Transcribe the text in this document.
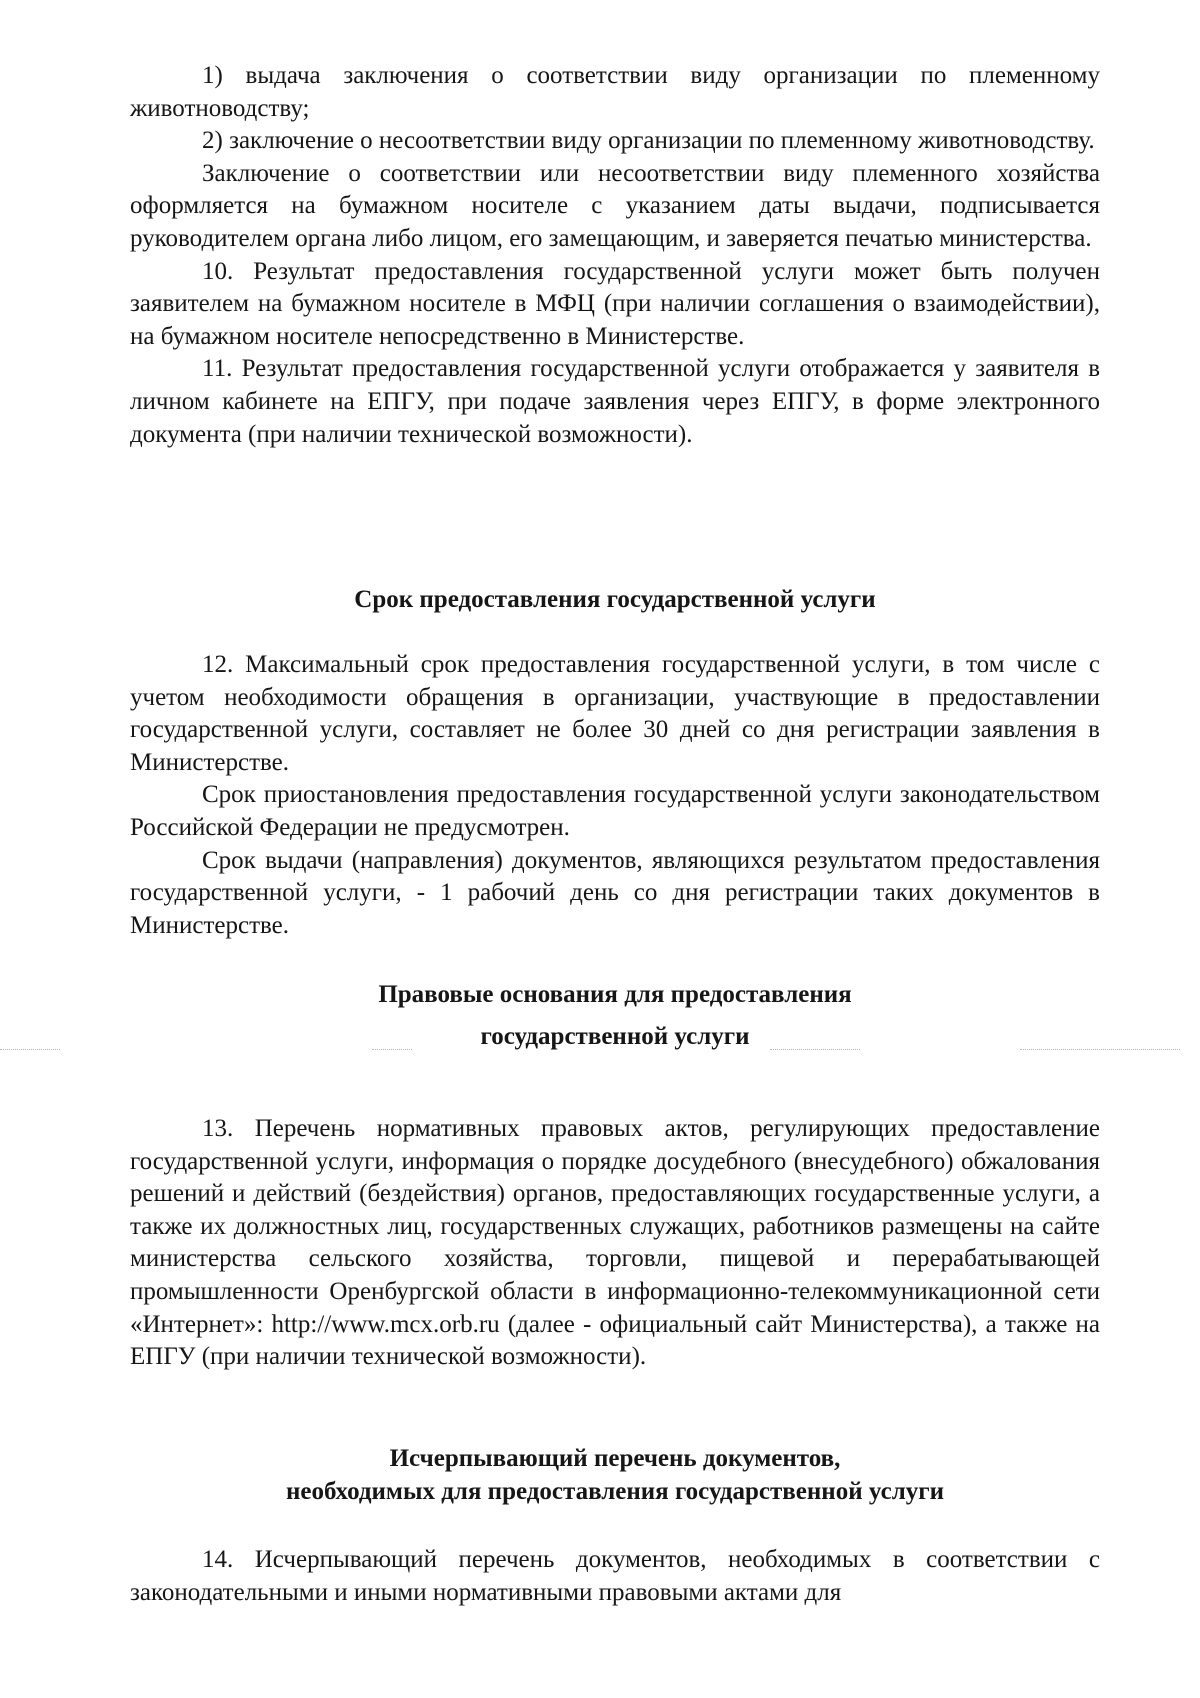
1) выдача заключения о соответствии виду организации по племенному животноводству;

2) заключение о несоответствии виду организации по племенному животноводству.

Заключение о соответствии или несоответствии виду племенного хозяйства оформляется на бумажном носителе с указанием даты выдачи, подписывается руководителем органа либо лицом, его замещающим, и заверяется печатью министерства.

10. Результат предоставления государственной услуги может быть получен заявителем на бумажном носителе в МФЦ (при наличии соглашения о взаимодействии), на бумажном носителе непосредственно в Министерстве.

11. Результат предоставления государственной услуги отображается у заявителя в личном кабинете на ЕПГУ, при подаче заявления через ЕПГУ, в форме электронного документа (при наличии технической возможности).

Срок предоставления государственной услуги

12. Максимальный срок предоставления государственной услуги, в том числе с учетом необходимости обращения в организации, участвующие в предоставлении государственной услуги, составляет не более 30 дней со дня регистрации заявления в Министерстве.

Срок приостановления предоставления государственной услуги законодательством Российской Федерации не предусмотрен.

Срок выдачи (направления) документов, являющихся результатом предоставления государственной услуги, - 1 рабочий день со дня регистрации таких документов в Министерстве.

Правовые основания для предоставления
государственной услуги

13. Перечень нормативных правовых актов, регулирующих предоставление государственной услуги, информация о порядке досудебного (внесудебного) обжалования решений и действий (бездействия) органов, предоставляющих государственные услуги, а также их должностных лиц, государственных служащих, работников размещены на сайте министерства сельского хозяйства, торговли, пищевой и перерабатывающей промышленности Оренбургской области в информационно-телекоммуникационной сети «Интернет»: http://www.mcx.orb.ru (далее - официальный сайт Министерства), а также на ЕПГУ (при наличии технической возможности).

Исчерпывающий перечень документов,
необходимых для предоставления государственной услуги

14. Исчерпывающий перечень документов, необходимых в соответствии с законодательными и иными нормативными правовыми актами для
